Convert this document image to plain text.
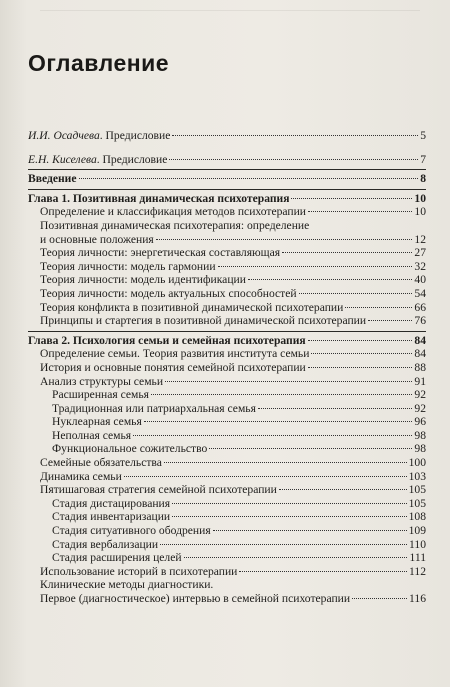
Оглавление
И.И. Осадчева. Предисловие	5
Е.Н. Киселева. Предисловие	7
Введение	8
Глава 1. Позитивная динамическая психотерапия	10
Определение и классификация методов психотерапии	10
Позитивная динамическая психотерапия: определение
и основные положения	12
Теория личности: энергетическая составляющая	27
Теория личности: модель гармонии	32
Теория личности: модель идентификации	40
Теория личности: модель актуальных способностей	54
Теория конфликта в позитивной динамической психотерапии	66
Принципы и стартегия в позитивной динамической психотерапии	76
Глава 2. Психология семьи и семейная психотерапия	84
Определение семьи. Теория развития института семьи	84
История и основные понятия семейной психотерапии	88
Анализ структуры семьи	91
Расширенная семья	92
Традиционная или патриархальная семья	92
Нуклеарная семья	96
Неполная семья	98
Функциональное сожительство	98
Семейные обязательства	100
Динамика семьи	103
Пятишаговая стратегия семейной психотерапии	105
Стадия дистацирования	105
Стадия инвентаризации	108
Стадия ситуативного ободрения	109
Стадия вербализации	110
Стадия расширения целей	111
Использование историй в психотерапии	112
Клинические методы диагностики.
Первое (диагностическое) интервью в семейной психотерапии	116
